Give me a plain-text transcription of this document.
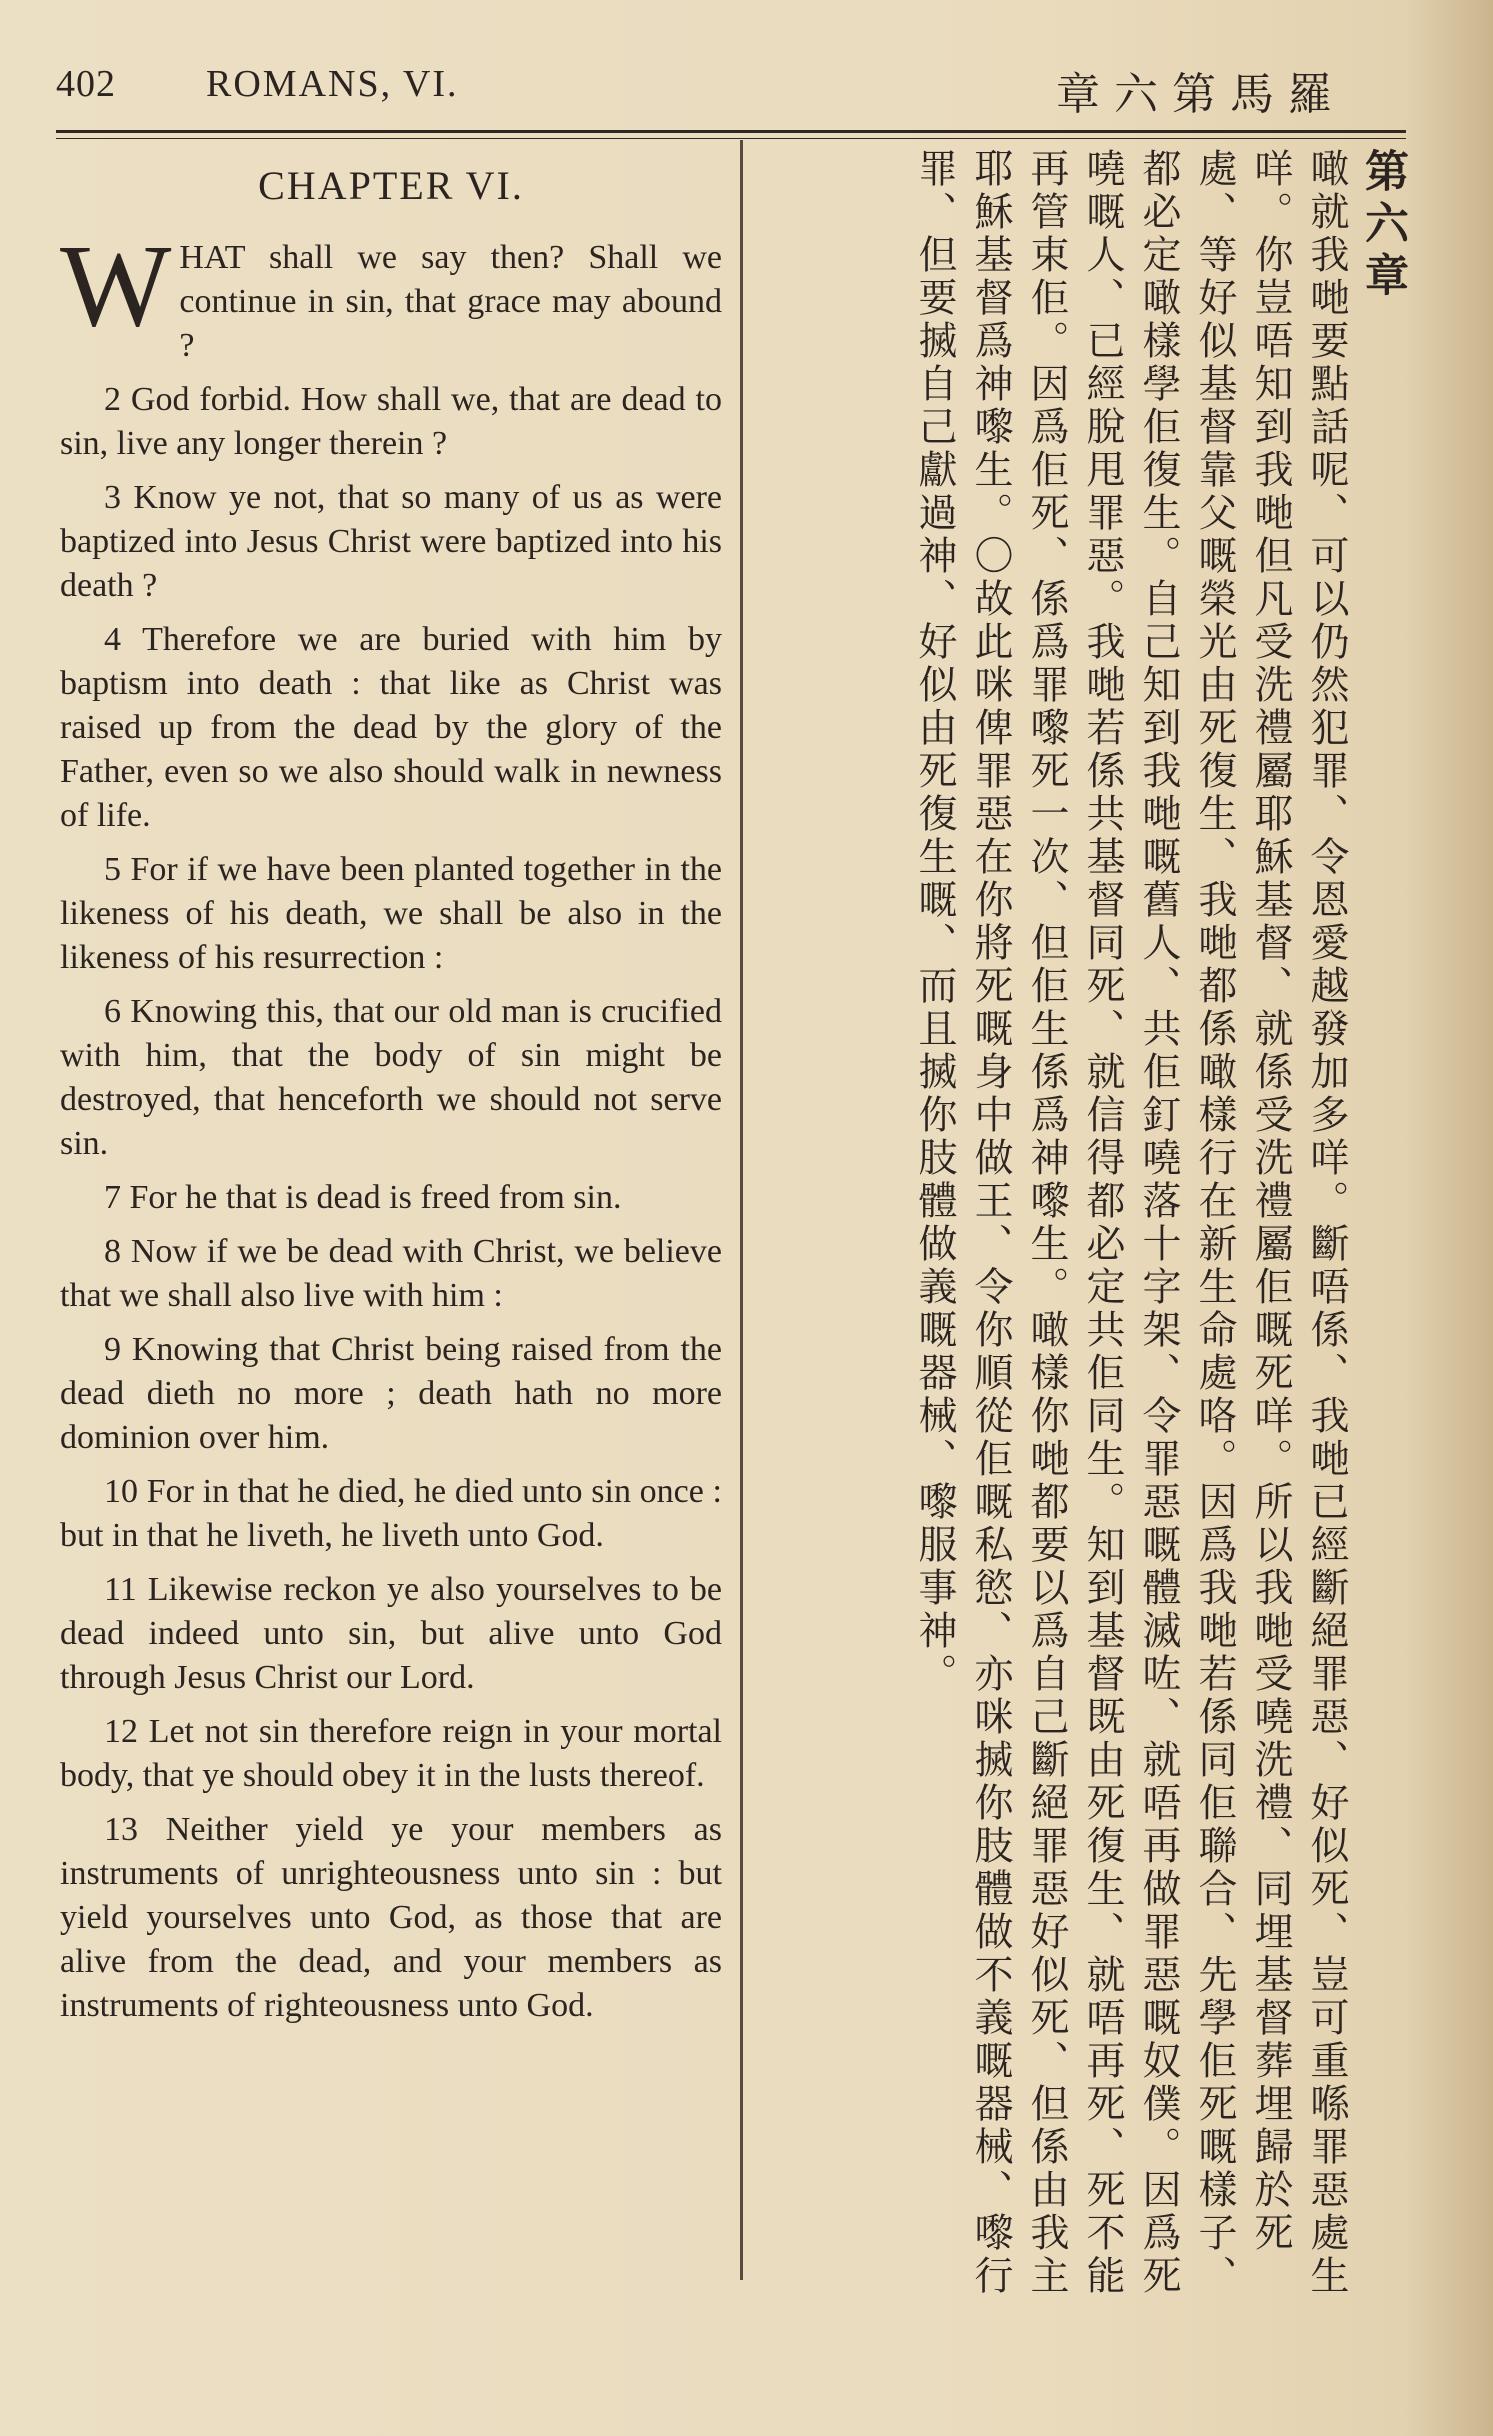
402 ROMANS, VI.	羅馬第六章
CHAPTER VI.

W HAT shall we say then? Shall we continue in sin, that grace may abound ?

2 God forbid. How shall we, that are dead to sin, live any longer therein ?

3 Know ye not, that so many of us as were baptized into Jesus Christ were baptized into his death ?

4 Therefore we are buried with him by baptism into death : that like as Christ was raised up from the dead by the glory of the Father, even so we also should walk in newness of life.

5 For if we have been planted together in the likeness of his death, we shall be also in the likeness of his resurrection :

6 Knowing this, that our old man is crucified with him, that the body of sin might be destroyed, that henceforth we should not serve sin.

7 For he that is dead is freed from sin.

8 Now if we be dead with Christ, we believe that we shall also live with him :

9 Knowing that Christ being raised from the dead dieth no more ; death hath no more dominion over him.

10 For in that he died, he died unto sin once : but in that he liveth, he liveth unto God.

11 Likewise reckon ye also yourselves to be dead indeed unto sin, but alive unto God through Jesus Christ our Lord.

12 Let not sin therefore reign in your mortal body, that ye should obey it in the lusts thereof.

13 Neither yield ye your members as instruments of unrighteousness unto sin : but yield yourselves unto God, as those that are alive from the dead, and your members as instruments of righteousness unto God.

第六章

噉就我哋要點話呢、可以仍然犯罪、令恩愛越發加多咩。斷唔係、我哋已經斷絕罪惡、好似死、豈可重喺罪惡處生咩。你豈唔知到我哋但凡受洗禮屬耶穌基督、就係受洗禮屬佢嘅死咩。所以我哋受嘵洗禮、同埋基督葬埋歸於死處、等好似基督靠父嘅榮光由死復生、我哋都係噉樣行在新生命處咯。因爲我哋若係同佢聯合、先學佢死嘅樣子、都必定噉樣學佢復生。自己知到我哋嘅舊人、共佢釘嘵落十字架、令罪惡嘅體滅咗、就唔再做罪惡嘅奴僕。因爲死嘵嘅人、已經脫甩罪惡。我哋若係共基督同死、就信得都必定共佢同生。知到基督既由死復生、就唔再死、死不能再管束佢。因爲佢死、係爲罪嚟死一次、但佢生係爲神嚟生。噉樣你哋都要以爲自己斷絕罪惡好似死、但係由我主耶穌基督爲神嚟生。〇故此咪俾罪惡在你將死嘅身中做王、令你順從佢嘅私慾、亦咪搣你肢體做不義嘅器械、嚟行罪、但要搣自己獻過神、好似由死復生嘅、而且搣你肢體做義嘅器械、嚟服事神。
